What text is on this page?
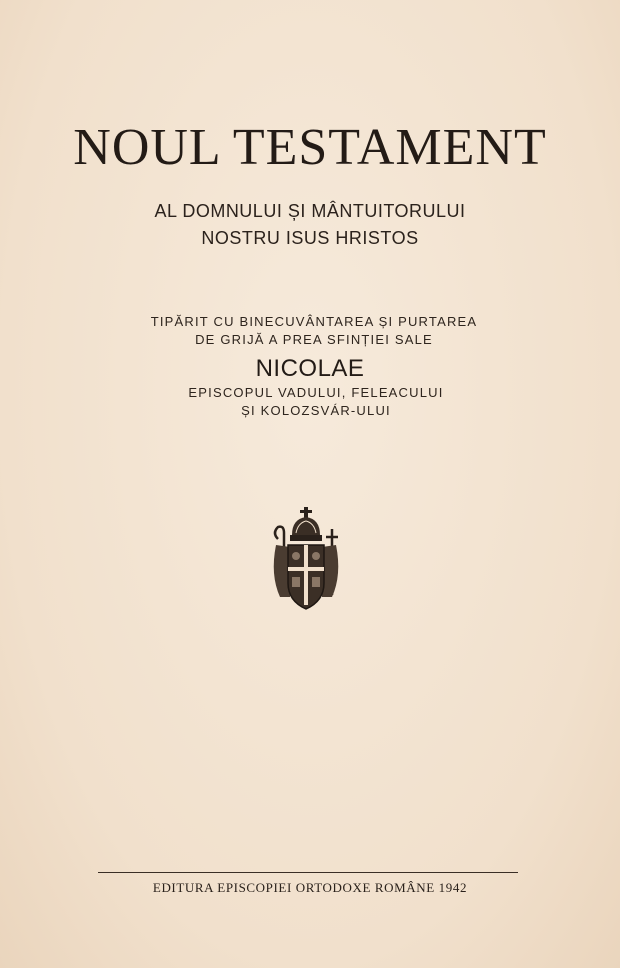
NOUL TESTAMENT
AL DOMNULUI ȘI MÂNTUITORULUI
NOSTRU ISUS HRISTOS
TIPĂRIT CU BINECUVÂNTAREA ȘI PURTAREA
DE GRIJĂ A PREA SFINȚIEI SALE
NICOLAE
EPISCOPUL VADULUI, FELEACULUI
ȘI KOLOZSVÁR-ULUI
EDITURA EPISCOPIEI ORTODOXE ROMÂNE 1942
